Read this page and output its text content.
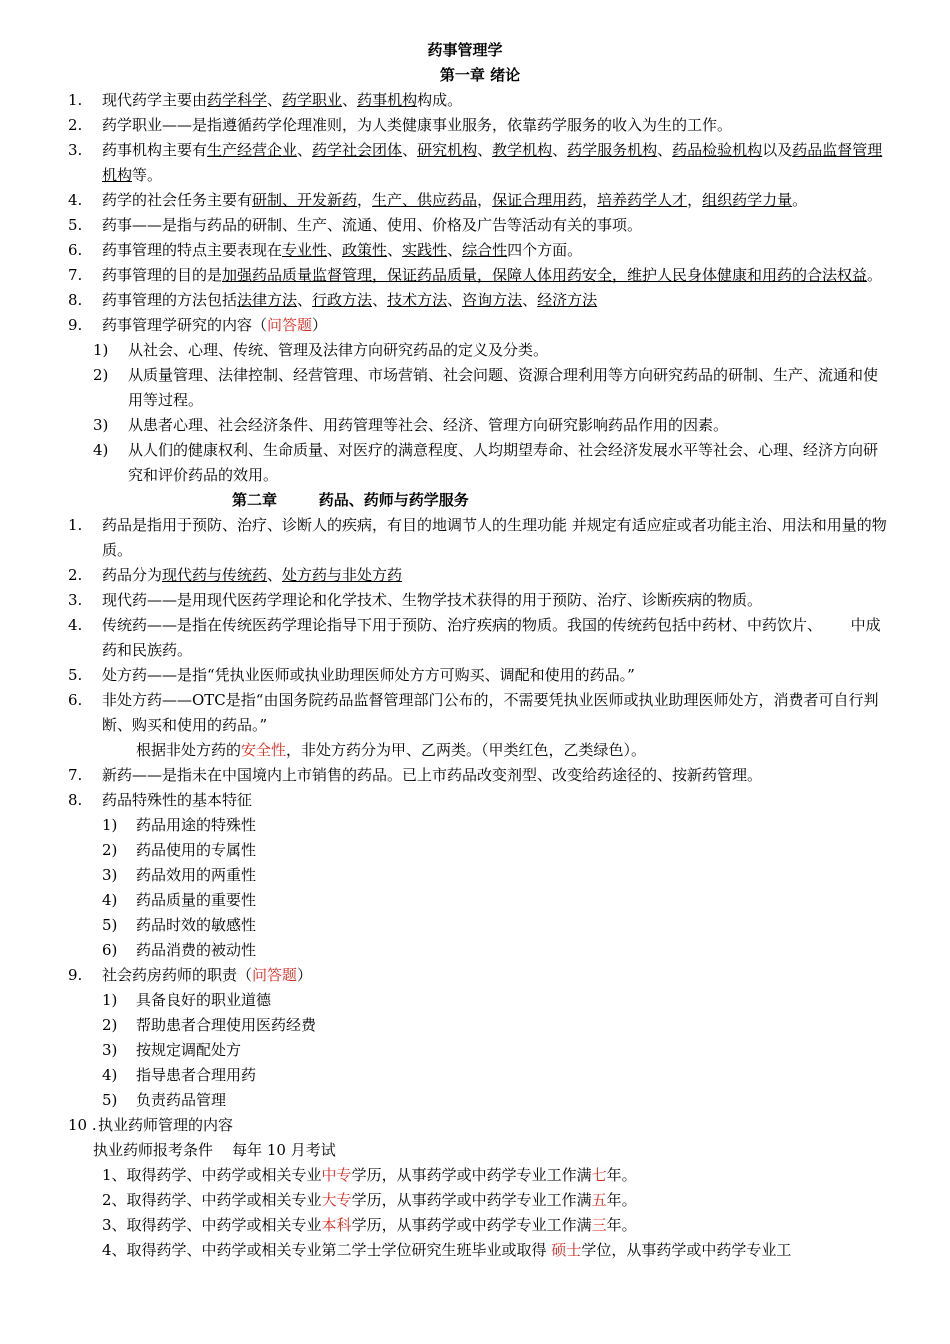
药事管理学
第一章 绪论
1. 现代药学主要由药学科学、药学职业、药事机构构成。
2. 药学职业——是指遵循药学伦理准则，为人类健康事业服务，依靠药学服务的收入为生的工作。
3. 药事机构主要有生产经营企业、药学社会团体、研究机构、教学机构、药学服务机构、药品检验机构以及药品监督管理机构等。
4. 药学的社会任务主要有研制、开发新药，生产、供应药品，保证合理用药，培养药学人才，组织药学力量。
5. 药事——是指与药品的研制、生产、流通、使用、价格及广告等活动有关的事项。
6. 药事管理的特点主要表现在专业性、政策性、实践性、综合性四个方面。
7. 药事管理的目的是加强药品质量监督管理，保证药品质量，保障人体用药安全，维护人民身体健康和用药的合法权益。
8. 药事管理的方法包括法律方法、行政方法、技术方法、咨询方法、经济方法
9. 药事管理学研究的内容（问答题）
1) 从社会、心理、传统、管理及法律方向研究药品的定义及分类。
2) 从质量管理、法律控制、经营管理、市场营销、社会问题、资源合理利用等方向研究药品的研制、生产、流通和使用等过程。
3) 从患者心理、社会经济条件、用药管理等社会、经济、管理方向研究影响药品作用的因素。
4) 从人们的健康权利、生命质量、对医疗的满意程度、人均期望寿命、社会经济发展水平等社会、心理、经济方向研究和评价药品的效用。
第二章        药品、药师与药学服务
1. 药品是指用于预防、治疗、诊断人的疾病，有目的地调节人的生理功能 并规定有适应症或者功能主治、用法和用量的物质。
2. 药品分为现代药与传统药、处方药与非处方药
3. 现代药——是用现代医药学理论和化学技术、生物学技术获得的用于预防、治疗、诊断疾病的物质。
4. 传统药——是指在传统医药学理论指导下用于预防、治疗疾病的物质。我国的传统药包括中药材、中药饮片、      中成药和民族药。
5. 处方药——是指“凭执业医师或执业助理医师处方方可购买、调配和使用的药品。”
6. 非处方药——OTC是指“由国务院药品监督管理部门公布的，不需要凭执业医师或执业助理医师处方，消费者可自行判断、购买和使用的药品。”
根据非处方药的安全性，非处方药分为甲、乙两类。（甲类红色，乙类绿色）。
7. 新药——是指未在中国境内上市销售的药品。已上市药品改变剂型、改变给药途径的、按新药管理。
8. 药品特殊性的基本特征
1) 药品用途的特殊性
2) 药品使用的专属性
3) 药品效用的两重性
4) 药品质量的重要性
5) 药品时效的敏感性
6) 药品消费的被动性
9. 社会药房药师的职责（问答题）
1) 具备良好的职业道德
2) 帮助患者合理使用医药经费
3) 按规定调配处方
4) 指导患者合理用药
5) 负责药品管理
10 . 执业药师管理的内容
执业药师报考条件    每年 10 月考试
1、取得药学、中药学或相关专业中专学历，从事药学或中药学专业工作满七年。
2、取得药学、中药学或相关专业大专学历，从事药学或中药学专业工作满五年。
3、取得药学、中药学或相关专业本科学历，从事药学或中药学专业工作满三年。
4、取得药学、中药学或相关专业第二学士学位研究生班毕业或取得 硕士学位，从事药学或中药学专业工
